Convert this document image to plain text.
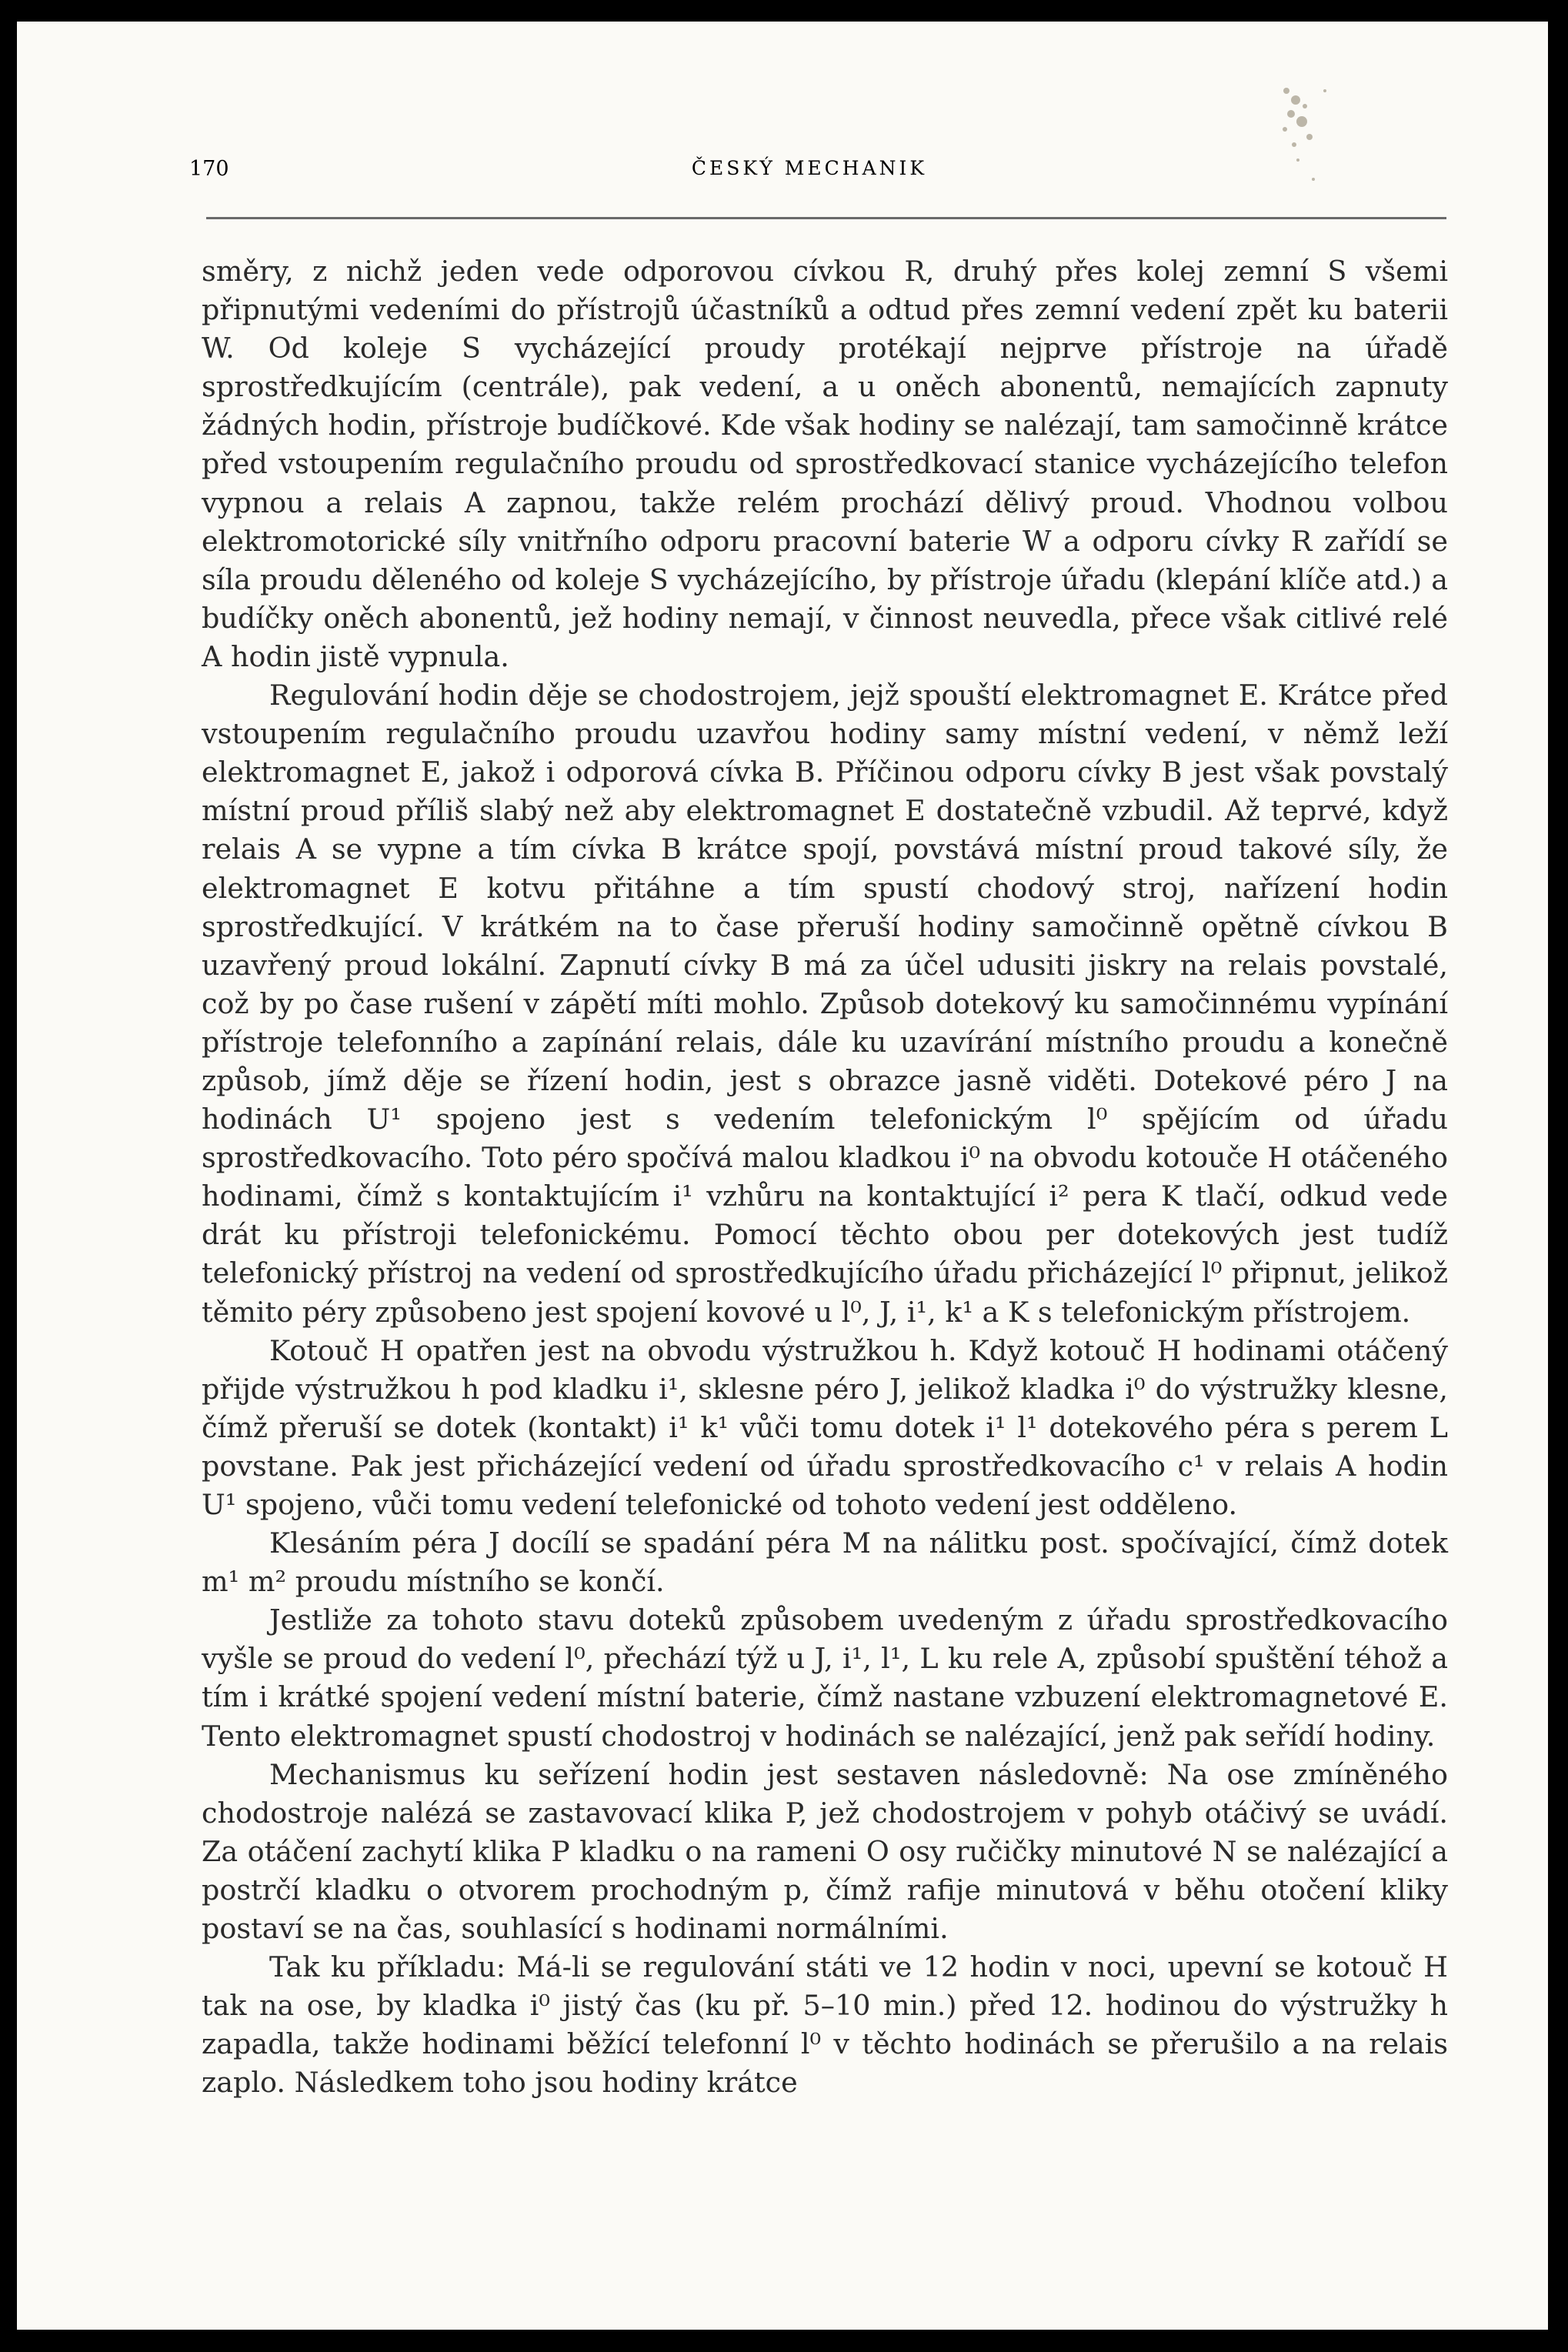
směry, z nichž jeden vede odporovou cívkou R, druhý přes kolej zemní S všemi připnutými vedeními do přístrojů účastníků a odtud přes zemní vedení zpět ku baterii W. Od koleje S vycházející proudy protékají nejprve přístroje na úřadě sprostředkujícím (centrále), pak vedení, a u oněch abonentů, nemajících zapnuty žádných hodin, přístroje budíčkové. Kde však hodiny se nalézají, tam samočinně krátce před vstoupením regulačního proudu od sprostředkovací stanice vycházejícího telefon vypnou a relais A zapnou, takže relém prochází dělivý proud. Vhodnou volbou elektromotorické síly vnitřního odporu pracovní baterie W a odporu cívky R zařídí se síla proudu děleného od koleje S vycházejícího, by přístroje úřadu (klepání klíče atd.) a budíčky oněch abonentů, jež hodiny nemají, v činnost neuvedla, přece však citlivé relé A hodin jistě vypnula.

Regulování hodin děje se chodostrojem, jejž spouští elektromagnet E. Krátce před vstoupením regulačního proudu uzavřou hodiny samy místní vedení, v němž leží elektromagnet E, jakož i odporová cívka B. Příčinou odporu cívky B jest však povstalý místní proud příliš slabý než aby elektromagnet E dostatečně vzbudil. Až teprvé, když relais A se vypne a tím cívka B krátce spojí, povstává místní proud takové síly, že elektromagnet E kotvu přitáhne a tím spustí chodový stroj, nařízení hodin sprostředkující. V krátkém na to čase přeruší hodiny samočinně opětně cívkou B uzavřený proud lokální. Zapnutí cívky B má za účel udusiti jiskry na relais povstalé, což by po čase rušení v zápětí míti mohlo. Způsob dotekový ku samočinnému vypínání přístroje telefonního a zapínání relais, dále ku uzavírání místního proudu a konečně způsob, jímž děje se řízení hodin, jest s obrazce jasně viděti. Dotekové péro J na hodinách U¹ spojeno jest s vedením telefonickým l⁰ spějícím od úřadu sprostředkovacího. Toto péro spočívá malou kladkou i⁰ na obvodu kotouče H otáčeného hodinami, čímž s kontaktujícím i¹ vzhůru na kontaktující i² pera K tlačí, odkud vede drát ku přístroji telefonickému. Pomocí těchto obou per dotekových jest tudíž telefonický přístroj na vedení od sprostředkujícího úřadu přicházející l⁰ připnut, jelikož těmito péry způsobeno jest spojení kovové u l⁰, J, i¹, k¹ a K s telefonickým přístrojem.

Kotouč H opatřen jest na obvodu výstružkou h. Když kotouč H hodinami otáčený přijde výstružkou h pod kladku i¹, sklesne péro J, jelikož kladka i⁰ do výstružky klesne, čímž přeruší se dotek (kontakt) i¹ k¹ vůči tomu dotek i¹ l¹ dotekového péra s perem L povstane. Pak jest přicházející vedení od úřadu sprostředkovacího c¹ v relais A hodin U¹ spojeno, vůči tomu vedení telefonické od tohoto vedení jest odděleno.

Klesáním péra J docílí se spadání péra M na nálitku post. spočívající, čímž dotek m¹ m² proudu místního se končí.

Jestliže za tohoto stavu doteků způsobem uvedeným z úřadu sprostředkovacího vyšle se proud do vedení l⁰, přechází týž u J, i¹, l¹, L ku rele A, způsobí spuštění téhož a tím i krátké spojení vedení místní baterie, čímž nastane vzbuzení elektromagnetové E. Tento elektromagnet spustí chodostroj v hodinách se nalézající, jenž pak seřídí hodiny.

Mechanismus ku seřízení hodin jest sestaven následovně: Na ose zmíněného chodostroje nalézá se zastavovací klika P, jež chodostrojem v pohyb otáčivý se uvádí. Za otáčení zachytí klika P kladku o na rameni O osy ručičky minutové N se nalézající a postrčí kladku o otvorem prochodným p, čímž rafije minutová v běhu otočení kliky postaví se na čas, souhlasící s hodinami normálními.

Tak ku příkladu: Má-li se regulování státi ve 12 hodin v noci, upevní se kotouč H tak na ose, by kladka i⁰ jistý čas (ku př. 5–10 min.) před 12. hodinou do výstružky h zapadla, takže hodinami běžící telefonní l⁰ v těchto hodinách se přerušilo a na relais zaplo. Následkem toho jsou hodiny krátce

170	ČESKÝ MECHANIK
